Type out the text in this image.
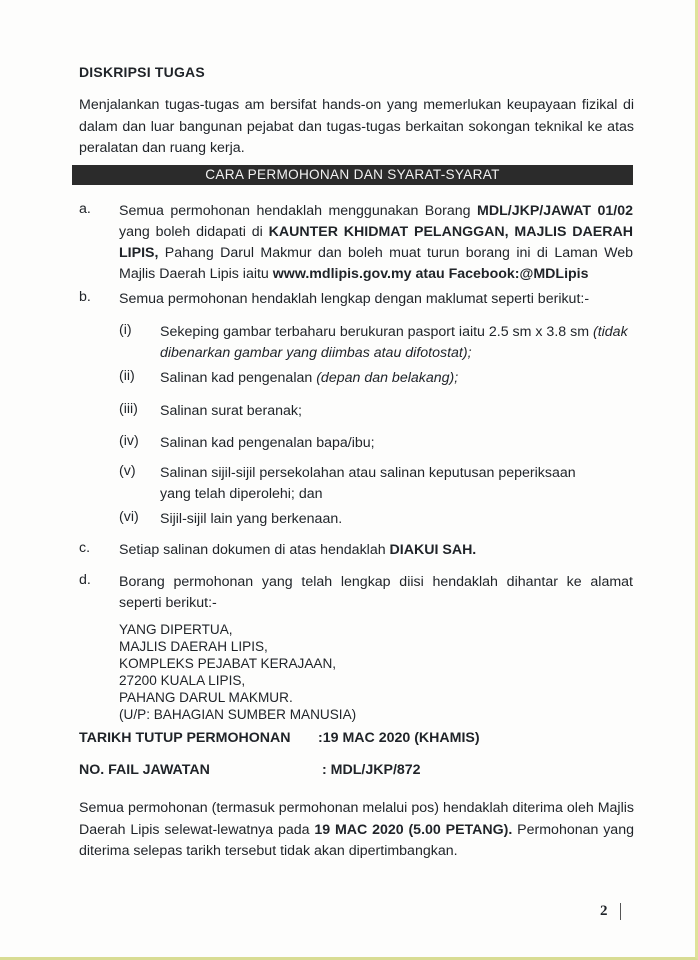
DISKRIPSI TUGAS
Menjalankan tugas-tugas am bersifat hands-on yang memerlukan keupayaan fizikal di dalam dan luar bangunan pejabat dan tugas-tugas berkaitan sokongan teknikal ke atas peralatan dan ruang kerja.
CARA PERMOHONAN DAN SYARAT-SYARAT
a.	Semua permohonan hendaklah menggunakan Borang MDL/JKP/JAWAT 01/02 yang boleh didapati di KAUNTER KHIDMAT PELANGGAN, MAJLIS DAERAH LIPIS, Pahang Darul Makmur dan boleh muat turun borang ini di Laman Web Majlis Daerah Lipis iaitu www.mdlipis.gov.my atau Facebook:@MDLipis
b.	Semua permohonan hendaklah lengkap dengan maklumat seperti berikut:-
(i)	Sekeping gambar terbaharu berukuran pasport iaitu 2.5 sm x 3.8 sm (tidak dibenarkan gambar yang diimbas atau difotostat);
(ii)	Salinan kad pengenalan (depan dan belakang);
(iii)	Salinan surat beranak;
(iv)	Salinan kad pengenalan bapa/ibu;
(v)	Salinan sijil-sijil persekolahan atau salinan keputusan peperiksaan yang telah diperolehi; dan
(vi)	Sijil-sijil lain yang berkenaan.
c.	Setiap salinan dokumen di atas hendaklah DIAKUI SAH.
d.	Borang permohonan yang telah lengkap diisi hendaklah dihantar ke alamat seperti berikut:-
YANG DIPERTUA,
MAJLIS DAERAH LIPIS,
KOMPLEKS PEJABAT KERAJAAN,
27200 KUALA LIPIS,
PAHANG DARUL MAKMUR.
(U/P: BAHAGIAN SUMBER MANUSIA)
TARIKH TUTUP PERMOHONAN :19 MAC 2020 (KHAMIS)
NO. FAIL JAWATAN	: MDL/JKP/872
Semua permohonan (termasuk permohonan melalui pos) hendaklah diterima oleh Majlis Daerah Lipis selewat-lewatnya pada 19 MAC 2020 (5.00 PETANG). Permohonan yang diterima selepas tarikh tersebut tidak akan dipertimbangkan.
2
